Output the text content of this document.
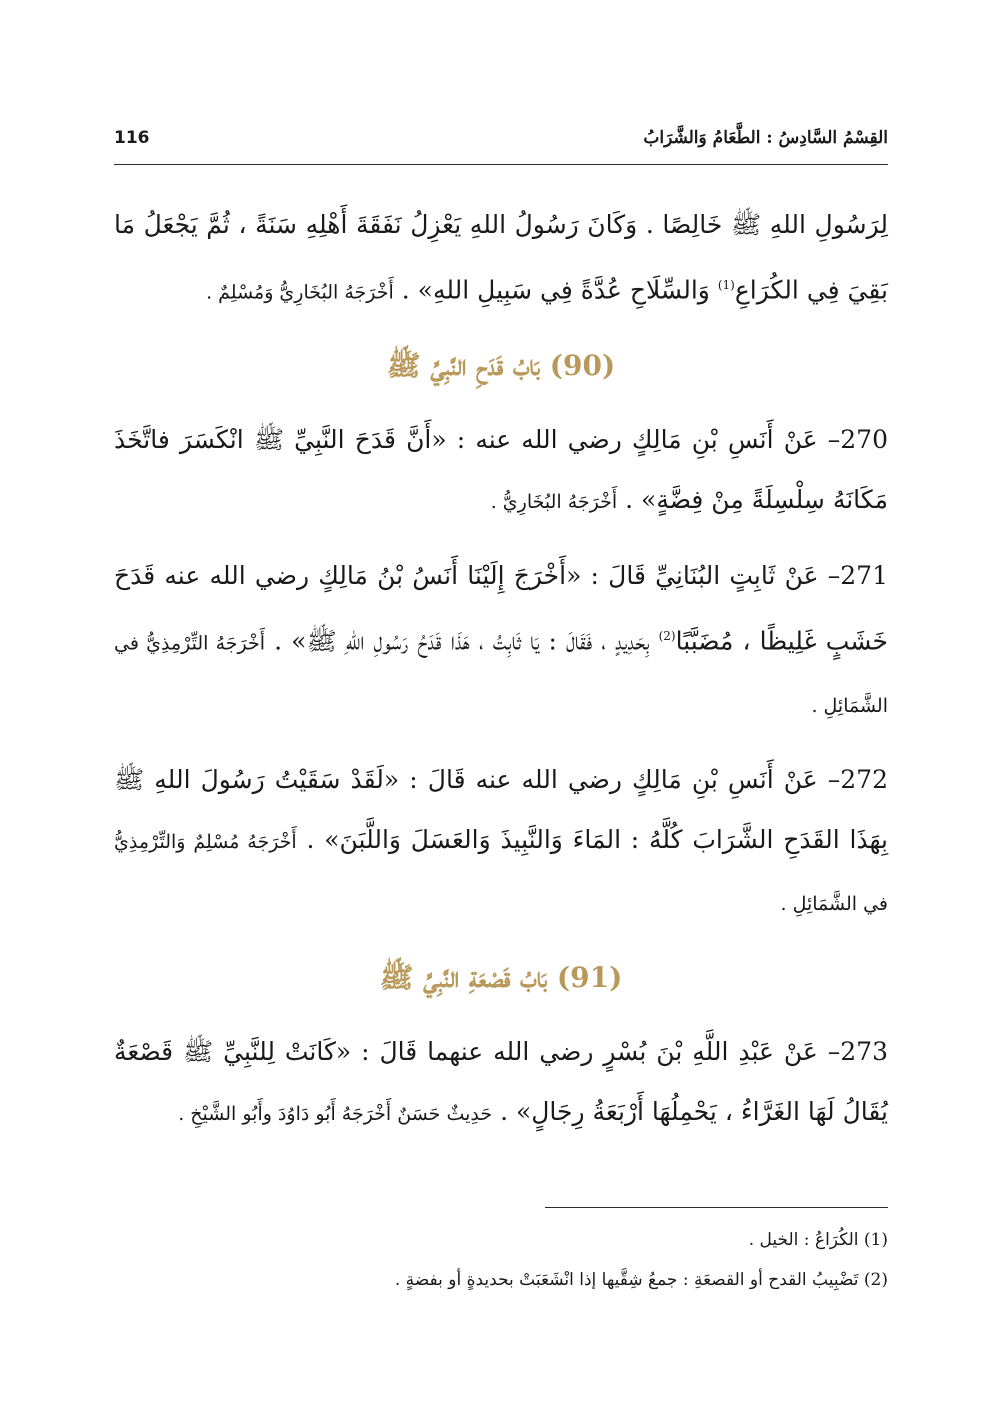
116	القِسْمُ السَّادِسُ : الطَّعَامُ وَالشَّرَابُ

لِرَسُولِ اللهِ ﷺ خَالِصًا . وَكَانَ رَسُولُ اللهِ يَعْزِلُ نَفَقَةَ أَهْلِهِ سَنَةً ، ثُمَّ يَجْعَلُ مَا بَقِيَ فِي الكُرَاعِ$^{(1)}$ وَالسِّلَاحِ عُدَّةً فِي سَبِيلِ اللهِ» . أَخْرَجَهُ البُخَارِيُّ وَمُسْلِمٌ .

(90) بَابُ قَدَحِ النَّبِيِّ ﷺ

270– عَنْ أَنَسِ بْنِ مَالِكٍ رضي الله عنه : «أَنَّ قَدَحَ النَّبِيِّ ﷺ انْكَسَرَ فاتَّخَذَ مَكَانَهُ سِلْسِلَةً مِنْ فِضَّةٍ» . أَخْرَجَهُ البُخَارِيُّ .

271– عَنْ ثَابِتٍ البُنَانِيِّ قَالَ : «أَخْرَجَ إِلَيْنَا أَنَسُ بْنُ مَالِكٍ رضي الله عنه قَدَحَ خَشَبٍ غَلِيظًا ، مُضَبَّبًا$^{(2)}$ بِحَدِيدٍ ، فَقَالَ : يَا ثَابِتُ ، هَذَا قَدَحُ رَسُولِ اللهِ ﷺ» . أَخْرَجَهُ التِّرْمِذِيُّ في الشَّمَائِلِ .

272– عَنْ أَنَسِ بْنِ مَالِكٍ رضي الله عنه قَالَ : «لَقَدْ سَقَيْتُ رَسُولَ اللهِ ﷺ بِهَذَا القَدَحِ الشَّرَابَ كُلَّهُ : المَاءَ وَالنَّبِيذَ وَالعَسَلَ وَاللَّبَنَ» . أَخْرَجَهُ مُسْلِمٌ وَالتِّرْمِذِيُّ في الشَّمَائِلِ .

(91) بَابُ قَصْعَةِ النَّبِيِّ ﷺ

273– عَنْ عَبْدِ اللَّهِ بْنَ بُسْرٍ رضي الله عنهما قَالَ : «كَانَتْ لِلنَّبِيِّ ﷺ قَصْعَةٌ يُقَالُ لَهَا الغَرَّاءُ ، يَحْمِلُهَا أَرْبَعَةُ رِجَالٍ» . حَدِيثٌ حَسَنٌ أَخْرَجَهُ أَبُو دَاوُدَ وأَبُو الشَّيْخِ .

(1) الكُرَاعُ : الخيل .

(2) تَضْبِيبُ القدح أو القصعَةِ : جمعُ شِقَّيها إذا انْشَعَبَتْ بحديدةٍ أو بفضةٍ .
